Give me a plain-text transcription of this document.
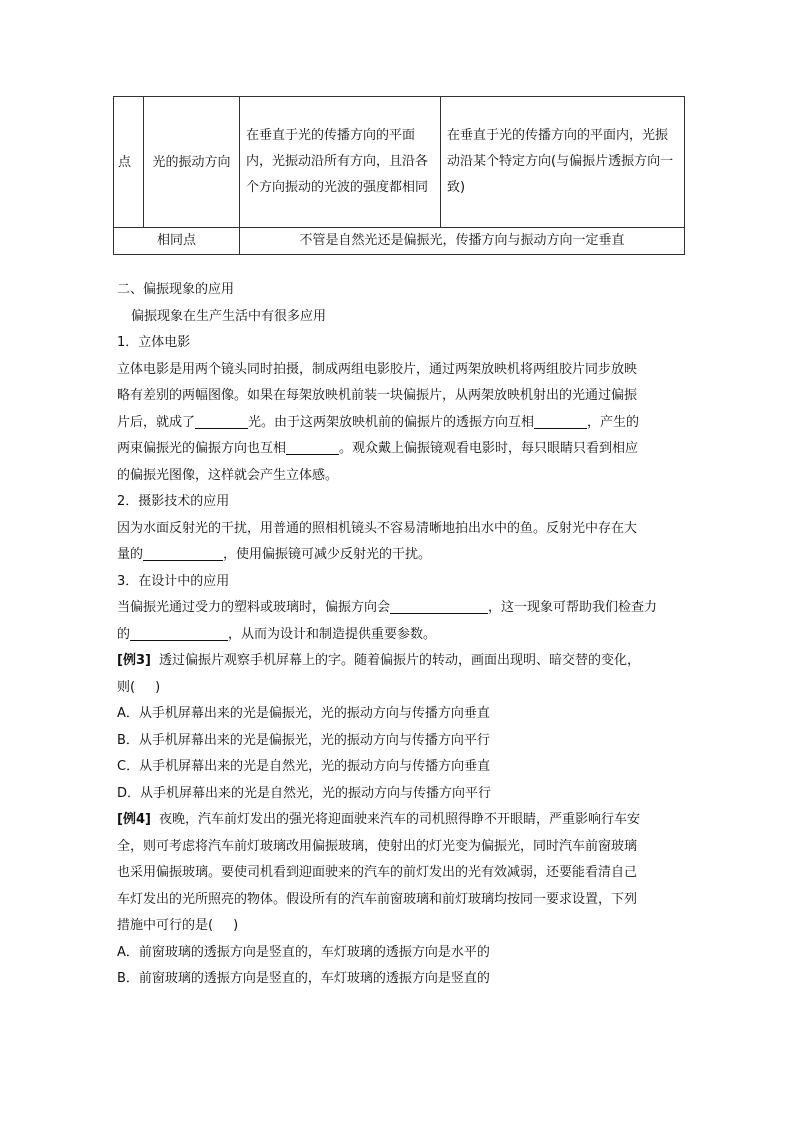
点	光的振动方向	在垂直于光的传播方向的平面内，光振动沿所有方向，且沿各个方向振动的光波的强度都相同	在垂直于光的传播方向的平面内，光振动沿某个特定方向(与偏振片透振方向一致)
相同点		不管是自然光还是偏振光，传播方向与振动方向一定垂直	
二、偏振现象的应用
偏振现象在生产生活中有很多应用
1．立体电影
立体电影是用两个镜头同时拍摄，制成两组电影胶片，通过两架放映机将两组胶片同步放映
略有差别的两幅图像。如果在每架放映机前装一块偏振片，从两架放映机射出的光通过偏振
片后，就成了	光。由于这两架放映机前的偏振片的透振方向互相	，产生的
两束偏振光的偏振方向也互相	。观众戴上偏振镜观看电影时，每只眼睛只看到相应
的偏振光图像，这样就会产生立体感。
2．摄影技术的应用
因为水面反射光的干扰，用普通的照相机镜头不容易清晰地拍出水中的鱼。反射光中存在大
量的	，使用偏振镜可减少反射光的干扰。
3．在设计中的应用
当偏振光通过受力的塑料或玻璃时，偏振方向会	，这一现象可帮助我们检查力
的	，从而为设计和制造提供重要参数。
[例3] 透过偏振片观察手机屏幕上的字。随着偏振片的转动，画面出现明、暗交替的变化，
则( )
A．从手机屏幕出来的光是偏振光，光的振动方向与传播方向垂直
B．从手机屏幕出来的光是偏振光，光的振动方向与传播方向平行
C．从手机屏幕出来的光是自然光，光的振动方向与传播方向垂直
D．从手机屏幕出来的光是自然光，光的振动方向与传播方向平行
[例4] 夜晚，汽车前灯发出的强光将迎面驶来汽车的司机照得睁不开眼睛，严重影响行车安
全，则可考虑将汽车前灯玻璃改用偏振玻璃，使射出的灯光变为偏振光，同时汽车前窗玻璃
也采用偏振玻璃。要使司机看到迎面驶来的汽车的前灯发出的光有效减弱，还要能看清自己
车灯发出的光所照亮的物体。假设所有的汽车前窗玻璃和前灯玻璃均按同一要求设置，下列
措施中可行的是( )
A．前窗玻璃的透振方向是竖直的，车灯玻璃的透振方向是水平的
B．前窗玻璃的透振方向是竖直的，车灯玻璃的透振方向是竖直的
